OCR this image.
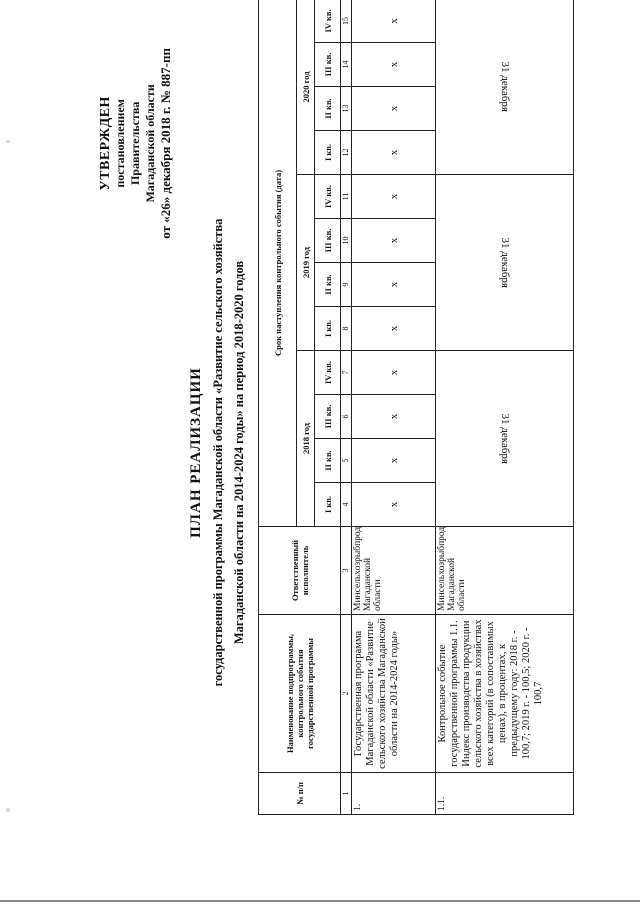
УТВЕРЖДЕН постановлением Правительства Магаданской области от «26» декабря 2018 г. № 887-пп
ПЛАН РЕАЛИЗАЦИИ государственной программы Магаданской области «Развитие сельского хозяйства Магаданской области на 2014-2024 годы» на период 2018-2020 годов
№ п/п	Наименование подпрограммы, контрольного события государственной программы	Ответственный исполнитель	Срок наступления контрольного события (дата)											
			2018 год				2019 год				2020 год			
			I кв.	II кв.	III кв.	IV кв.	I кв.	II кв.	III кв.	IV кв.	I кв.	II кв.	III кв.	IV кв.
1	2	3	4	5	6	7	8	9	10	11	12	13	14	15
1.	Государственная программа Магаданской области «Развитие сельского хозяйства Магаданской области на 2014-2024 годы»	Минсельхозрыбпрод Магаданской области	x	x	x	x	x	x	x	x	x	x	x	x
1.1.	Контрольное событие государственной программы 1.1. Индекс производства продукции сельского хозяйства в хозяйствах всех категорий (в сопоставимых ценах), в процентах, к предыдущему году: 2018 г. - 100,7; 2019 г. - 100,5; 2020 г. - 100,7	Минсельхозрыбпрод Магаданской области	31 декабря				31 декабря				31 декабря			
